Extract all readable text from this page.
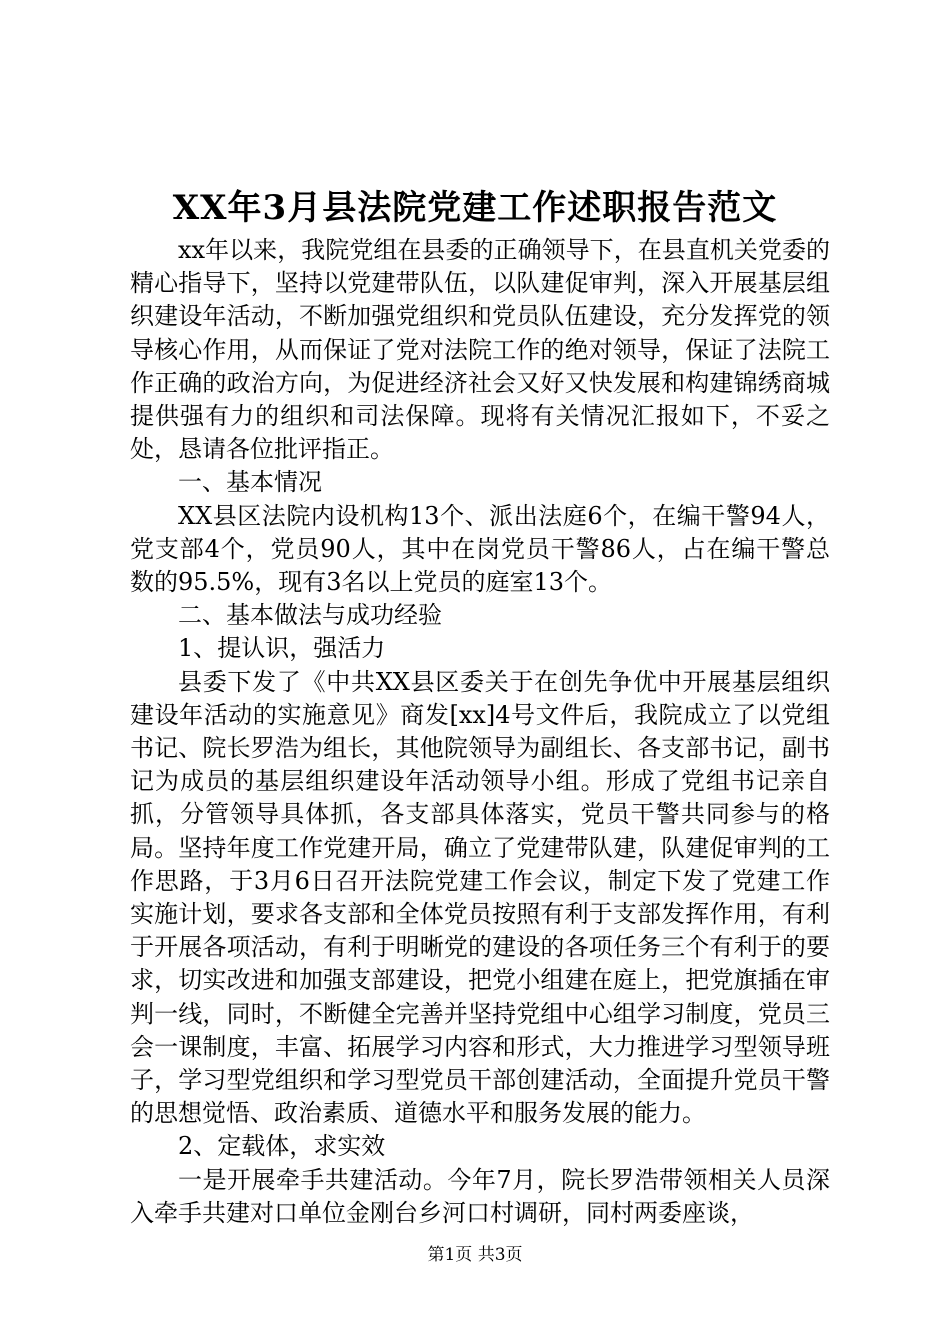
XX年3月县法院党建工作述职报告范文

xx年以来，我院党组在县委的正确领导下，在县直机关党委的精心指导下，坚持以党建带队伍，以队建促审判，深入开展基层组织建设年活动，不断加强党组织和党员队伍建设，充分发挥党的领导核心作用，从而保证了党对法院工作的绝对领导，保证了法院工作正确的政治方向，为促进经济社会又好又快发展和构建锦绣商城提供强有力的组织和司法保障。现将有关情况汇报如下，不妥之处，恳请各位批评指正。

一、基本情况

XX县区法院内设机构13个、派出法庭6个，在编干警94人，党支部4个，党员90人，其中在岗党员干警86人，占在编干警总数的95.5%，现有3名以上党员的庭室13个。

二、基本做法与成功经验

1、提认识，强活力

县委下发了《中共XX县区委关于在创先争优中开展基层组织建设年活动的实施意见》商发[xx]4号文件后，我院成立了以党组书记、院长罗浩为组长，其他院领导为副组长、各支部书记，副书记为成员的基层组织建设年活动领导小组。形成了党组书记亲自抓，分管领导具体抓，各支部具体落实，党员干警共同参与的格局。坚持年度工作党建开局，确立了党建带队建，队建促审判的工作思路，于3月6日召开法院党建工作会议，制定下发了党建工作实施计划，要求各支部和全体党员按照有利于支部发挥作用，有利于开展各项活动，有利于明晰党的建设的各项任务三个有利于的要求，切实改进和加强支部建设，把党小组建在庭上，把党旗插在审判一线，同时，不断健全完善并坚持党组中心组学习制度，党员三会一课制度，丰富、拓展学习内容和形式，大力推进学习型领导班子，学习型党组织和学习型党员干部创建活动，全面提升党员干警的思想觉悟、政治素质、道德水平和服务发展的能力。

2、定载体，求实效

一是开展牵手共建活动。今年7月，院长罗浩带领相关人员深入牵手共建对口单位金刚台乡河口村调研，同村两委座谈，

第1页 共3页
